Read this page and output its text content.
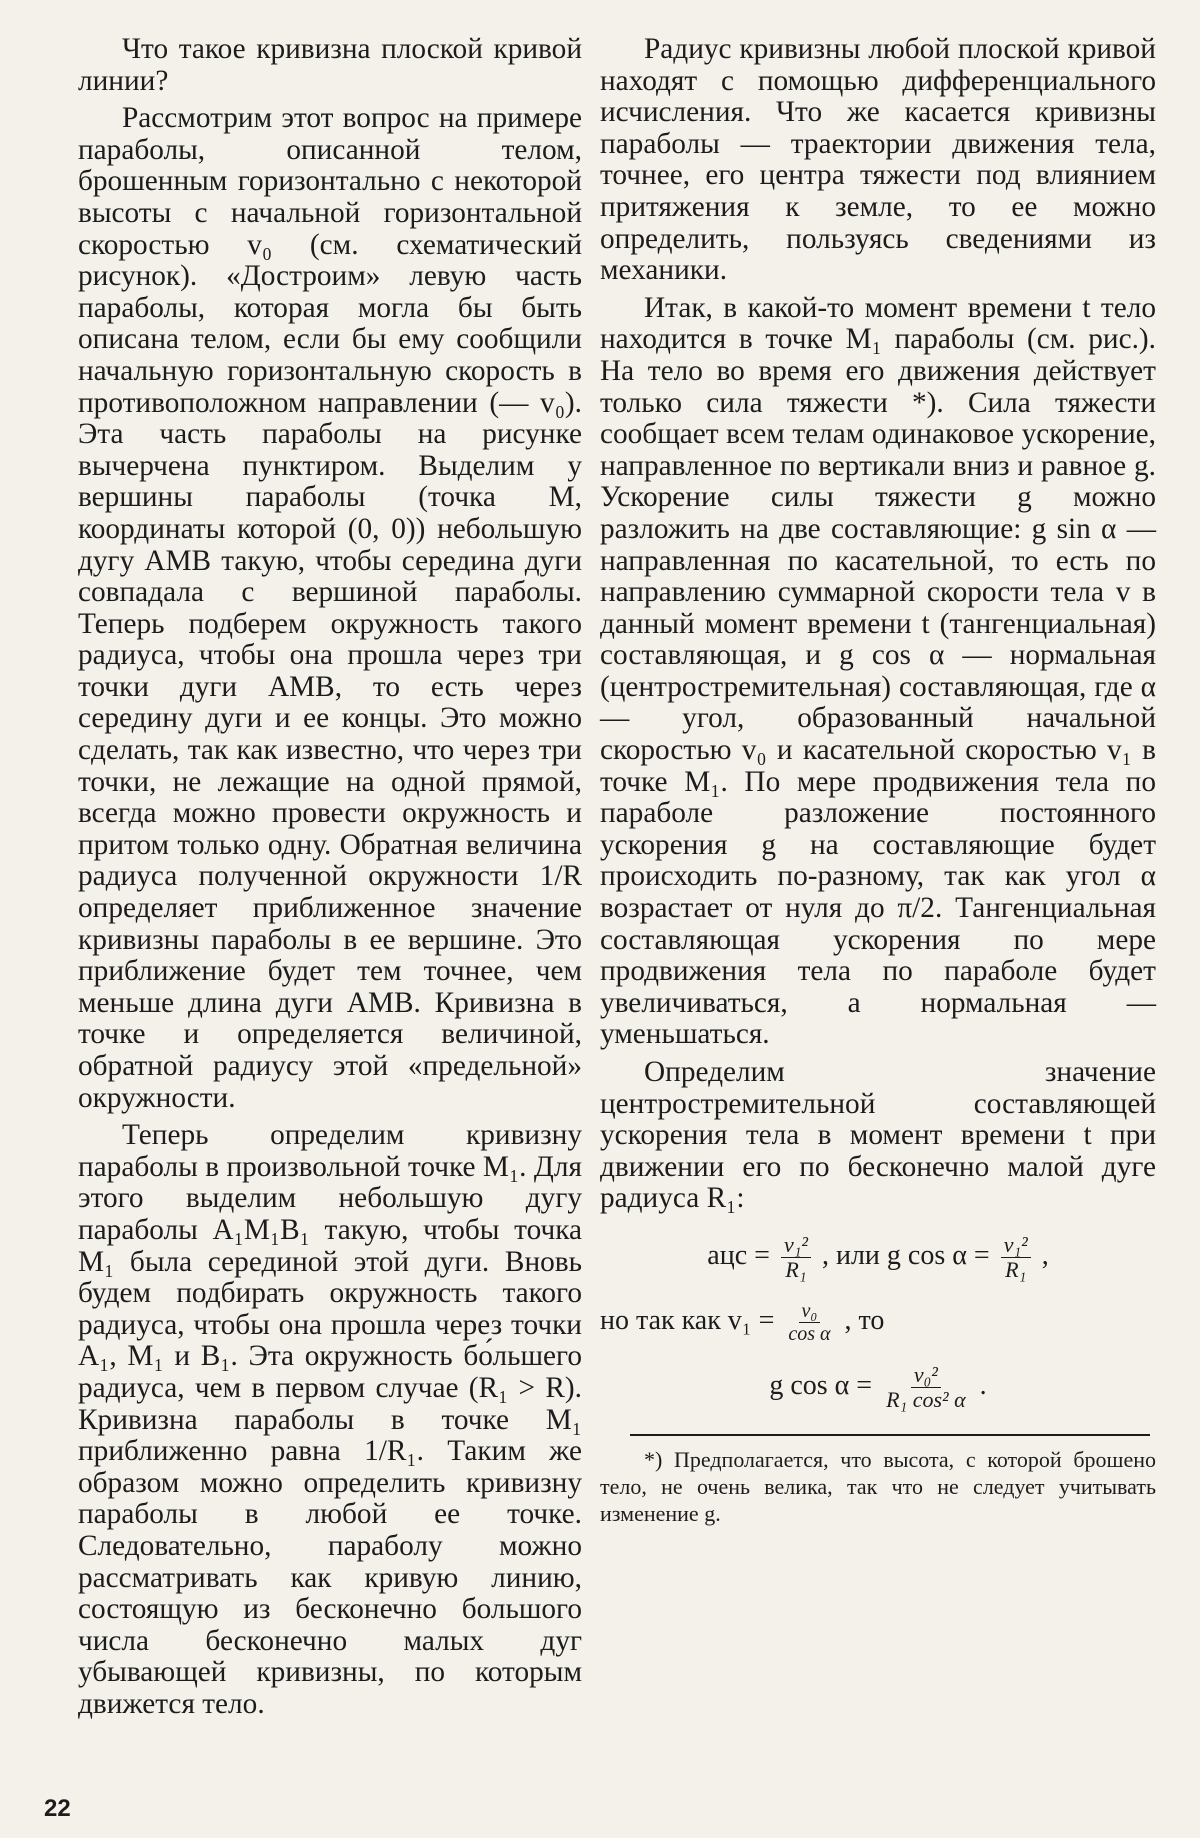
Что такое кривизна плоской кривой линии?

Рассмотрим этот вопрос на примере параболы, описанной телом, брошенным горизонтально с некоторой высоты с начальной горизонтальной скоростью v₀ (см. схематический рисунок). «Достроим» левую часть параболы, которая могла бы быть описана телом, если бы ему сообщили начальную горизонтальную скорость в противоположном направлении (— v₀). Эта часть параболы на рисунке вычерчена пунктиром. Выделим у вершины параболы (точка M, координаты которой (0, 0)) небольшую дугу AMB такую, чтобы середина дуги совпадала с вершиной параболы. Теперь подберем окружность такого радиуса, чтобы она прошла через три точки дуги AMB, то есть через середину дуги и ее концы. Это можно сделать, так как известно, что через три точки, не лежащие на одной прямой, всегда можно провести окружность и притом только одну. Обратная величина радиуса полученной окружности 1/R определяет приближенное значение кривизны параболы в ее вершине. Это приближение будет тем точнее, чем меньше длина дуги AMB. Кривизна в точке и определяется величиной, обратной радиусу этой «предельной» окружности.

Теперь определим кривизну параболы в произвольной точке M₁. Для этого выделим небольшую дугу параболы A₁M₁B₁ такую, чтобы точка M₁ была серединой этой дуги. Вновь будем подбирать окружность такого радиуса, чтобы она прошла через точки A₁, M₁ и B₁. Эта окружность бо́льшего радиуса, чем в первом случае (R₁ > R). Кривизна параболы в точке M₁ приближенно равна 1/R₁. Таким же образом можно определить кривизну параболы в любой ее точке. Следовательно, параболу можно рассматривать как кривую линию, состоящую из бесконечно большого числа бесконечно малых дуг убывающей кривизны, по которым движется тело.

Радиус кривизны любой плоской кривой находят с помощью дифференциального исчисления. Что же касается кривизны параболы — траектории движения тела, точнее, его центра тяжести под влиянием притяжения к земле, то ее можно определить, пользуясь сведениями из механики.

Итак, в какой-то момент времени t тело находится в точке M₁ параболы (см. рис.). На тело во время его движения действует только сила тяжести *). Сила тяжести сообщает всем телам одинаковое ускорение, направленное по вертикали вниз и равное g. Ускорение силы тяжести g можно разложить на две составляющие: g sin α — направленная по касательной, то есть по направлению суммарной скорости тела v в данный момент времени t (тангенциальная) составляющая, и g cos α — нормальная (центростремительная) составляющая, где α — угол, образованный начальной скоростью v₀ и касательной скоростью v₁ в точке M₁. По мере продвижения тела по параболе разложение постоянного ускорения g на составляющие будет происходить по-разному, так как угол α возрастает от нуля до π/2. Тангенциальная составляющая ускорения по мере продвижения тела по параболе будет увеличиваться, а нормальная — уменьшаться.

Определим значение центростремительной составляющей ускорения тела в момент времени t при движении его по бесконечно малой дуге радиуса R₁:

aцс = $\frac{\text{v₁²}}{\text{R₁}}$ , или g $\cos \alpha = \frac{\text{v₁²}}{\text{R₁}}$ ,
но так как $v_1 = \frac{\text{v₀}}{\text{cos α}}$ , то
g $\cos \alpha = \frac{\text{v₀²}}{\text{R₁ cos² α}}$ .

*) Предполагается, что высота, с которой брошено тело, не очень велика, так что не следует учитывать изменение g.

22
